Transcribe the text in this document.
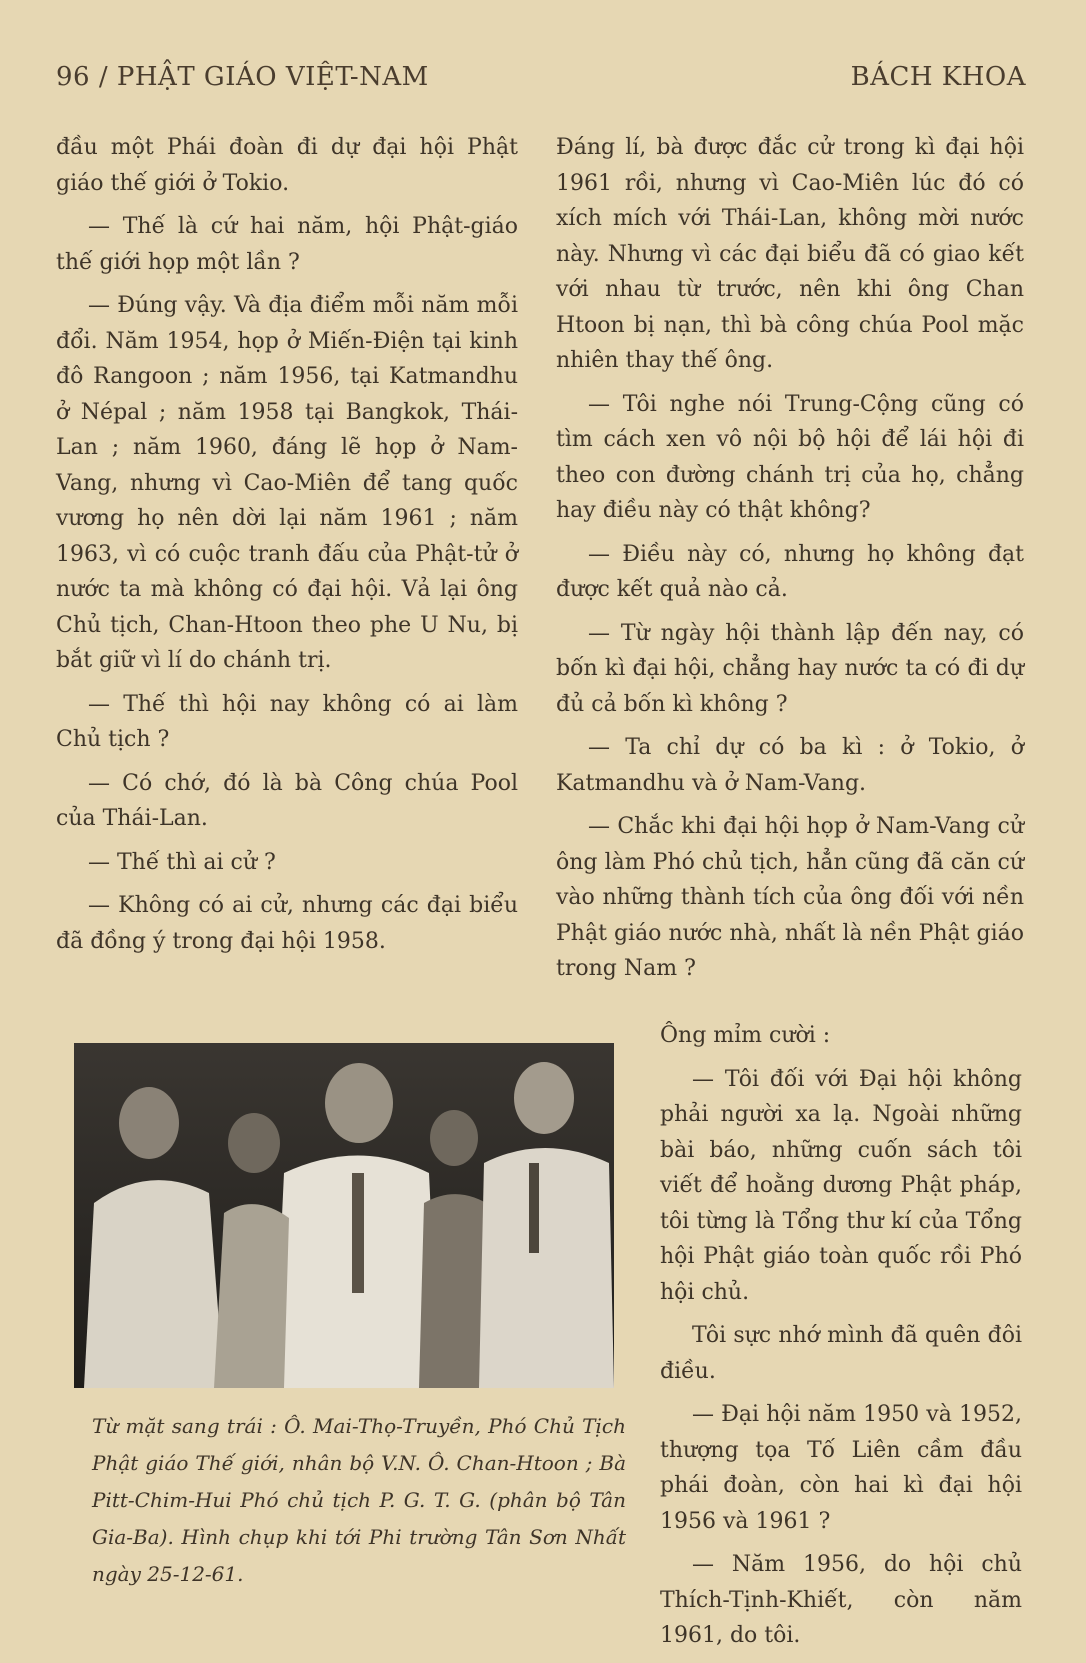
96 / PHẬT GIÁO VIỆT-NAM	BÁCH KHOA

đầu một Phái đoàn đi dự đại hội Phật giáo thế giới ở Tokio.

— Thế là cứ hai năm, hội Phật-giáo thế giới họp một lần ?

— Đúng vậy. Và địa điểm mỗi năm mỗi đổi. Năm 1954, họp ở Miến-Điện tại kinh đô Rangoon ; năm 1956, tại Katmandhu ở Népal ; năm 1958 tại Bangkok, Thái-Lan ; năm 1960, đáng lẽ họp ở Nam-Vang, nhưng vì Cao-Miên để tang quốc vương họ nên dời lại năm 1961 ; năm 1963, vì có cuộc tranh đấu của Phật-tử ở nước ta mà không có đại hội. Vả lại ông Chủ tịch, Chan-Htoon theo phe U Nu, bị bắt giữ vì lí do chánh trị.

— Thế thì hội nay không có ai làm Chủ tịch ?

— Có chớ, đó là bà Công chúa Pool của Thái-Lan.

— Thế thì ai cử ?

— Không có ai cử, nhưng các đại biểu đã đồng ý trong đại hội 1958.

Đáng lí, bà được đắc cử trong kì đại hội 1961 rồi, nhưng vì Cao-Miên lúc đó có xích mích với Thái-Lan, không mời nước này. Nhưng vì các đại biểu đã có giao kết với nhau từ trước, nên khi ông Chan Htoon bị nạn, thì bà công chúa Pool mặc nhiên thay thế ông.

— Tôi nghe nói Trung-Cộng cũng có tìm cách xen vô nội bộ hội để lái hội đi theo con đường chánh trị của họ, chẳng hay điều này có thật không?

— Điều này có, nhưng họ không đạt được kết quả nào cả.

— Từ ngày hội thành lập đến nay, có bốn kì đại hội, chẳng hay nước ta có đi dự đủ cả bốn kì không ?

— Ta chỉ dự có ba kì : ở Tokio, ở Katmandhu và ở Nam-Vang.

— Chắc khi đại hội họp ở Nam-Vang cử ông làm Phó chủ tịch, hẳn cũng đã căn cứ vào những thành tích của ông đối với nền Phật giáo nước nhà, nhất là nền Phật giáo trong Nam ?

Ông mỉm cười :

— Tôi đối với Đại hội không phải người xa lạ. Ngoài những bài báo, những cuốn sách tôi viết để hoằng dương Phật pháp, tôi từng là Tổng thư kí của Tổng hội Phật giáo toàn quốc rồi Phó hội chủ.

Tôi sực nhớ mình đã quên đôi điều.

— Đại hội năm 1950 và 1952, thượng tọa Tố Liên cầm đầu phái đoàn, còn hai kì đại hội 1956 và 1961 ?

— Năm 1956, do hội chủ Thích-Tịnh-Khiết, còn năm 1961, do tôi.

Từ mặt sang trái : Ô. Mai-Thọ-Truyền, Phó Chủ Tịch Phật giáo Thế giới, nhân bộ V.N. Ô. Chan-Htoon ; Bà Pitt-Chim-Hui Phó chủ tịch P. G. T. G. (phân bộ Tân Gia-Ba). Hình chụp khi tới Phi trường Tân Sơn Nhất ngày 25-12-61.
